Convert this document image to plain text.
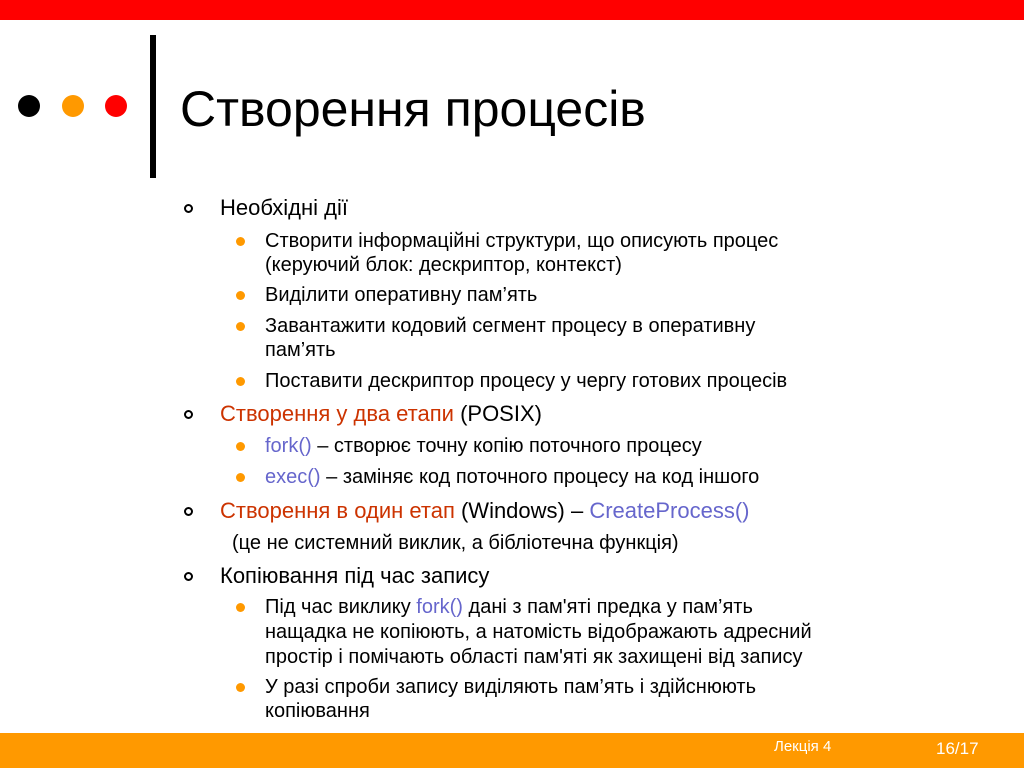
Створення процесів
Необхідні дії
Створити інформаційні структури, що описують процес
(керуючий блок: дескриптор, контекст)
Виділити оперативну пам’ять
Завантажити кодовий сегмент процесу в оперативну
пам’ять
Поставити дескриптор процесу у чергу готових процесів
Створення у два етапи (POSIX)
fork() – створює точну копію поточного процесу
exec() – заміняє код поточного процесу на код іншого
Створення в один етап (Windows) – CreateProcess()
(це не системний виклик, а бібліотечна функція)
Копіювання під час запису
Під час виклику fork() дані з пам'яті предка у пам’ять
нащадка не копіюють, а натомість відображають адресний
простір і помічають області пам'яті як захищені від запису
У разі спроби запису виділяють пам’ять і здійснюють
копіювання
Лекція 4	16/17
